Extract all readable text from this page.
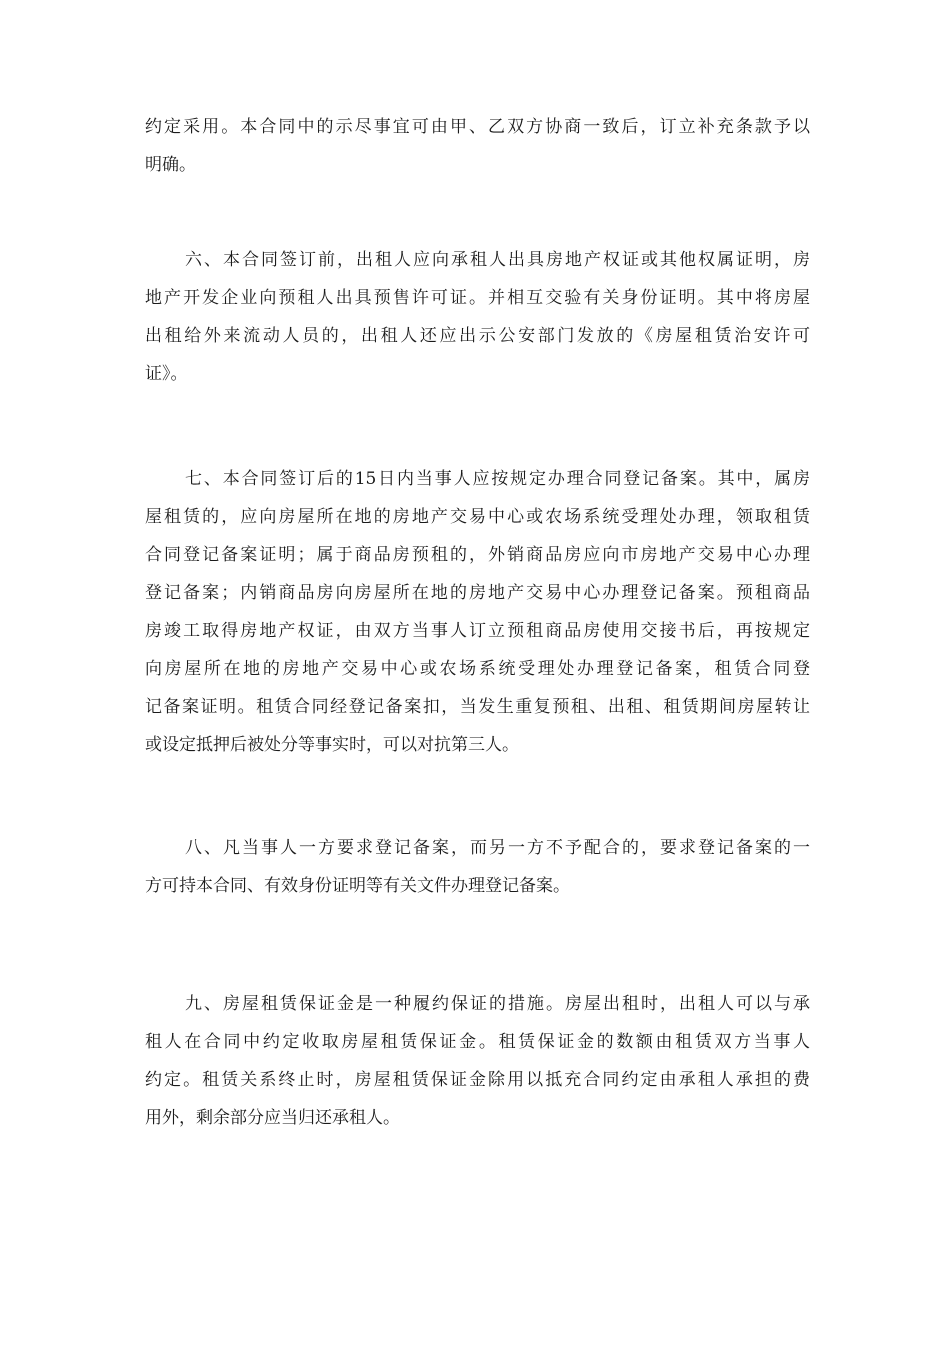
约定采用。本合同中的示尽事宜可由甲、乙双方协商一致后，订立补充条款予以
明确。
六、本合同签订前，出租人应向承租人出具房地产权证或其他权属证明，房
地产开发企业向预租人出具预售许可证。并相互交验有关身份证明。其中将房屋
出租给外来流动人员的，出租人还应出示公安部门发放的《房屋租赁治安许可
证》。
七、本合同签订后的15日内当事人应按规定办理合同登记备案。其中，属房
屋租赁的，应向房屋所在地的房地产交易中心或农场系统受理处办理，领取租赁
合同登记备案证明；属于商品房预租的，外销商品房应向市房地产交易中心办理
登记备案；内销商品房向房屋所在地的房地产交易中心办理登记备案。预租商品
房竣工取得房地产权证，由双方当事人订立预租商品房使用交接书后，再按规定
向房屋所在地的房地产交易中心或农场系统受理处办理登记备案，租赁合同登
记备案证明。租赁合同经登记备案扣，当发生重复预租、出租、租赁期间房屋转让
或设定抵押后被处分等事实时，可以对抗第三人。
八、凡当事人一方要求登记备案，而另一方不予配合的，要求登记备案的一
方可持本合同、有效身份证明等有关文件办理登记备案。
九、房屋租赁保证金是一种履约保证的措施。房屋出租时，出租人可以与承
租人在合同中约定收取房屋租赁保证金。租赁保证金的数额由租赁双方当事人
约定。租赁关系终止时，房屋租赁保证金除用以抵充合同约定由承租人承担的费
用外，剩余部分应当归还承租人。
